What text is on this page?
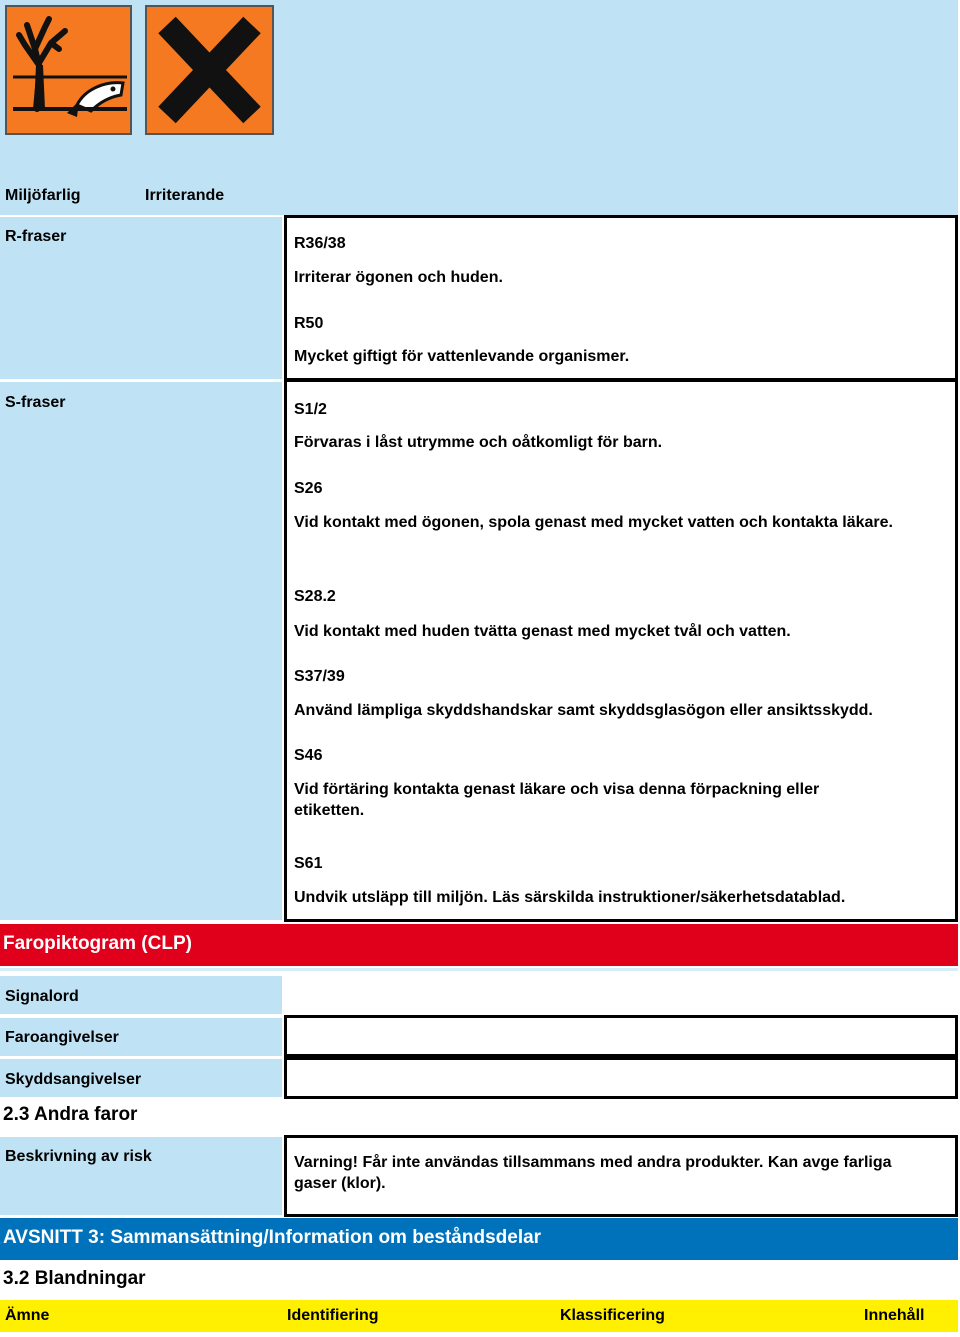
Miljöfarlig	Irriterande
R-fraser	R36/38
Irriterar ögonen och huden.
R50
Mycket giftigt för vattenlevande organismer.
S-fraser	S1/2
Förvaras i låst utrymme och oåtkomligt för barn.
S26
Vid kontakt med ögonen, spola genast med mycket vatten och kontakta läkare.
S28.2
Vid kontakt med huden tvätta genast med mycket tvål och vatten.
S37/39
Använd lämpliga skyddshandskar samt skyddsglasögon eller ansiktsskydd.
S46
Vid förtäring kontakta genast läkare och visa denna förpackning eller etiketten.
S61
Undvik utsläpp till miljön. Läs särskilda instruktioner/säkerhetsdatablad.
Faropiktogram (CLP)
Signalord
Faroangivelser
Skyddsangivelser
2.3 Andra faror
Beskrivning av risk	Varning! Får inte användas tillsammans med andra produkter. Kan avge farliga gaser (klor).
AVSNITT 3: Sammansättning/Information om beståndsdelar
3.2 Blandningar
Ämne	Identifiering	Klassificering	Innehåll
